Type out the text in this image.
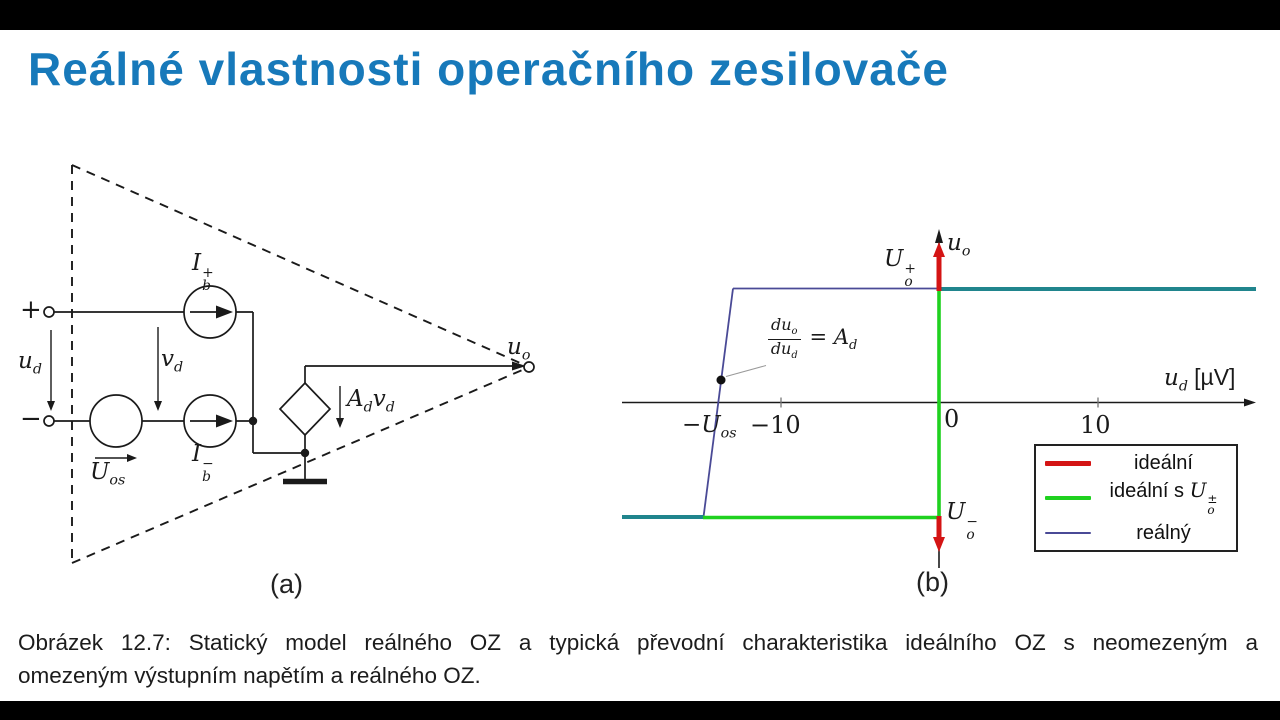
Reálné vlastnosti operačního zesilovače
+
−
$u_d$	$v_d$
I +
b
I −
b
$U_{os}$
$A_dv_d$
$u_o$
(a)
$u_o$
U +
o
U −
o
$u_d$ [µV]
−10	0	10
$-U_{os}$
$\frac{du_o}{du_d} = A_d$
ideální
ideální s U ±
o
reálný
(b)
Obrázek 12.7: Statický model reálného OZ a typická převodní charakteristika ideálního OZ s neomezeným a
omezeným výstupním napětím a reálného OZ.
